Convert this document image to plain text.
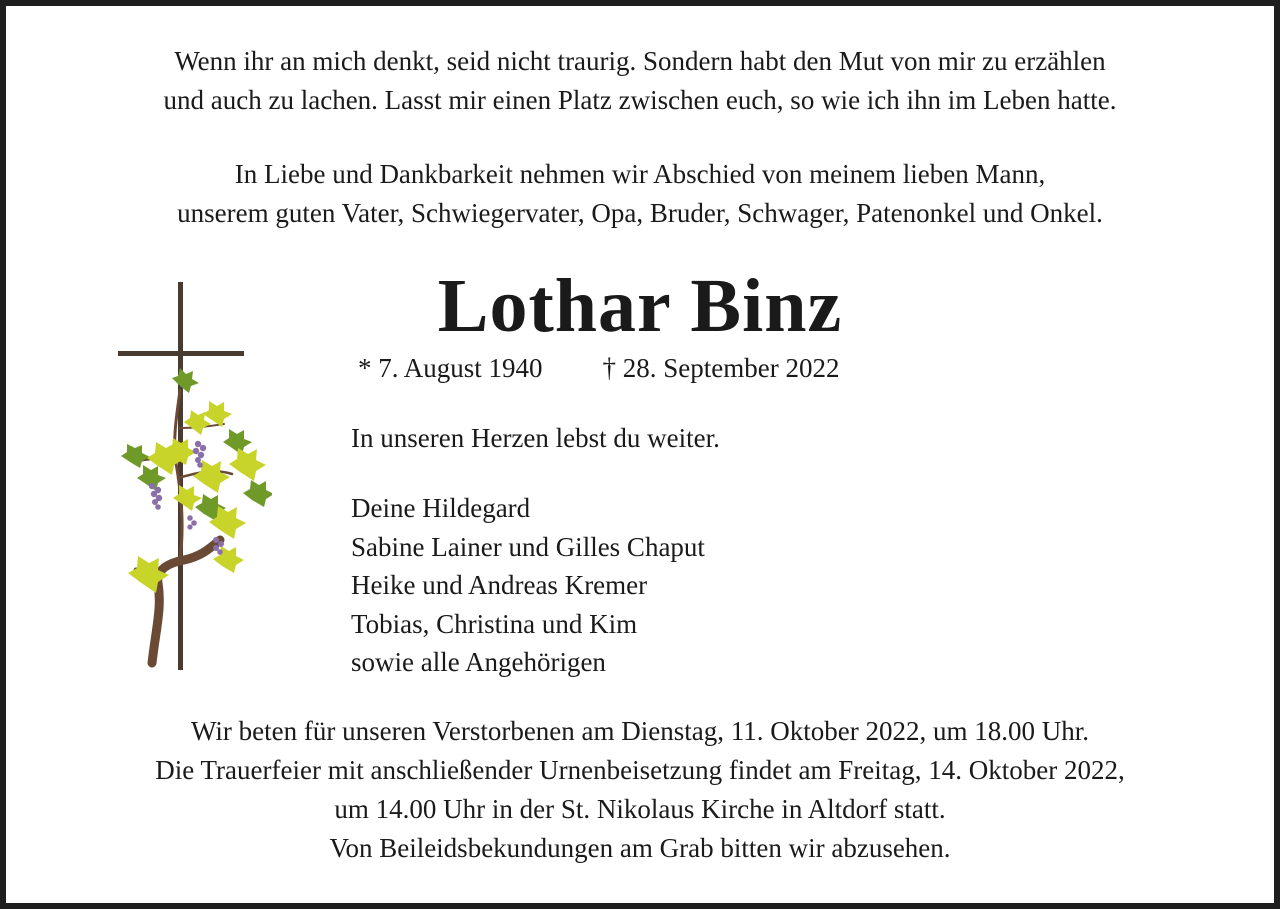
Wenn ihr an mich denkt, seid nicht traurig. Sondern habt den Mut von mir zu erzählen
und auch zu lachen. Lasst mir einen Platz zwischen euch, so wie ich ihn im Leben hatte.
In Liebe und Dankbarkeit nehmen wir Abschied von meinem lieben Mann,
unserem guten Vater, Schwiegervater, Opa, Bruder, Schwager, Patenonkel und Onkel.
Lothar Binz
* 7. August 1940 † 28. September 2022
In unseren Herzen lebst du weiter.
Deine Hildegard
Sabine Lainer und Gilles Chaput
Heike und Andreas Kremer
Tobias, Christina und Kim
sowie alle Angehörigen
Wir beten für unseren Verstorbenen am Dienstag, 11. Oktober 2022, um 18.00 Uhr.
Die Trauerfeier mit anschließender Urnenbeisetzung findet am Freitag, 14. Oktober 2022,
um 14.00 Uhr in der St. Nikolaus Kirche in Altdorf statt.
Von Beileidsbekundungen am Grab bitten wir abzusehen.
